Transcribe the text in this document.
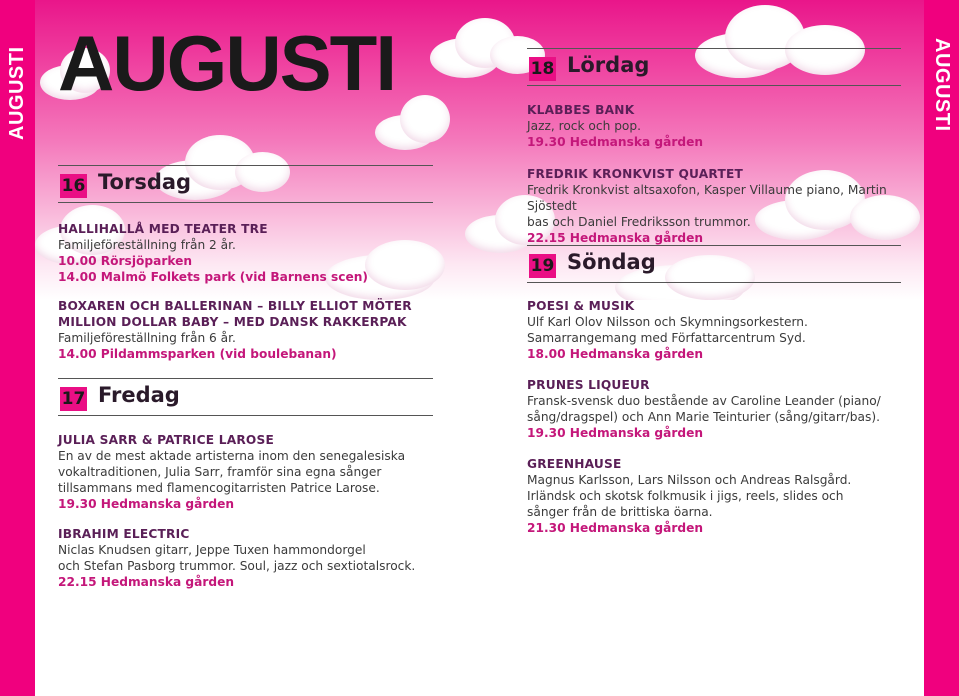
AUGUSTI	AUGUSTI
AUGUSTI
16 Torsdag
HALLIHALLÅ MED TEATER TRE
Familjeföreställning från 2 år.
10.00 Rörsjöparken
14.00 Malmö Folkets park (vid Barnens scen)
BOXAREN OCH BALLERINAN – BILLY ELLIOT MÖTER
MILLION DOLLAR BABY – MED DANSK RAKKERPAK
Familjeföreställning från 6 år.
14.00 Pildammsparken (vid boulebanan)
17 Fredag
JULIA SARR & PATRICE LAROSE
En av de mest aktade artisterna inom den senegalesiska
vokaltraditionen, Julia Sarr, framför sina egna sånger
tillsammans med flamencogitarristen Patrice Larose.
19.30 Hedmanska gården
IBRAHIM ELECTRIC
Niclas Knudsen gitarr, Jeppe Tuxen hammondorgel
och Stefan Pasborg trummor. Soul, jazz och sextiotalsrock.
22.15 Hedmanska gården
18 Lördag
KLABBES BANK
Jazz, rock och pop.
19.30 Hedmanska gården
FREDRIK KRONKVIST QUARTET
Fredrik Kronkvist altsaxofon, Kasper Villaume piano, Martin Sjöstedt
bas och Daniel Fredriksson trummor.
22.15 Hedmanska gården
19 Söndag
POESI & MUSIK
Ulf Karl Olov Nilsson och Skymningsorkestern.
Samarrangemang med Författarcentrum Syd.
18.00 Hedmanska gården
PRUNES LIQUEUR
Fransk-svensk duo bestående av Caroline Leander (piano/
sång/dragspel) och Ann Marie Teinturier (sång/gitarr/bas).
19.30 Hedmanska gården
GREENHAUSE
Magnus Karlsson, Lars Nilsson och Andreas Ralsgård.
Irländsk och skotsk folkmusik i jigs, reels, slides och
sånger från de brittiska öarna.
21.30 Hedmanska gården
